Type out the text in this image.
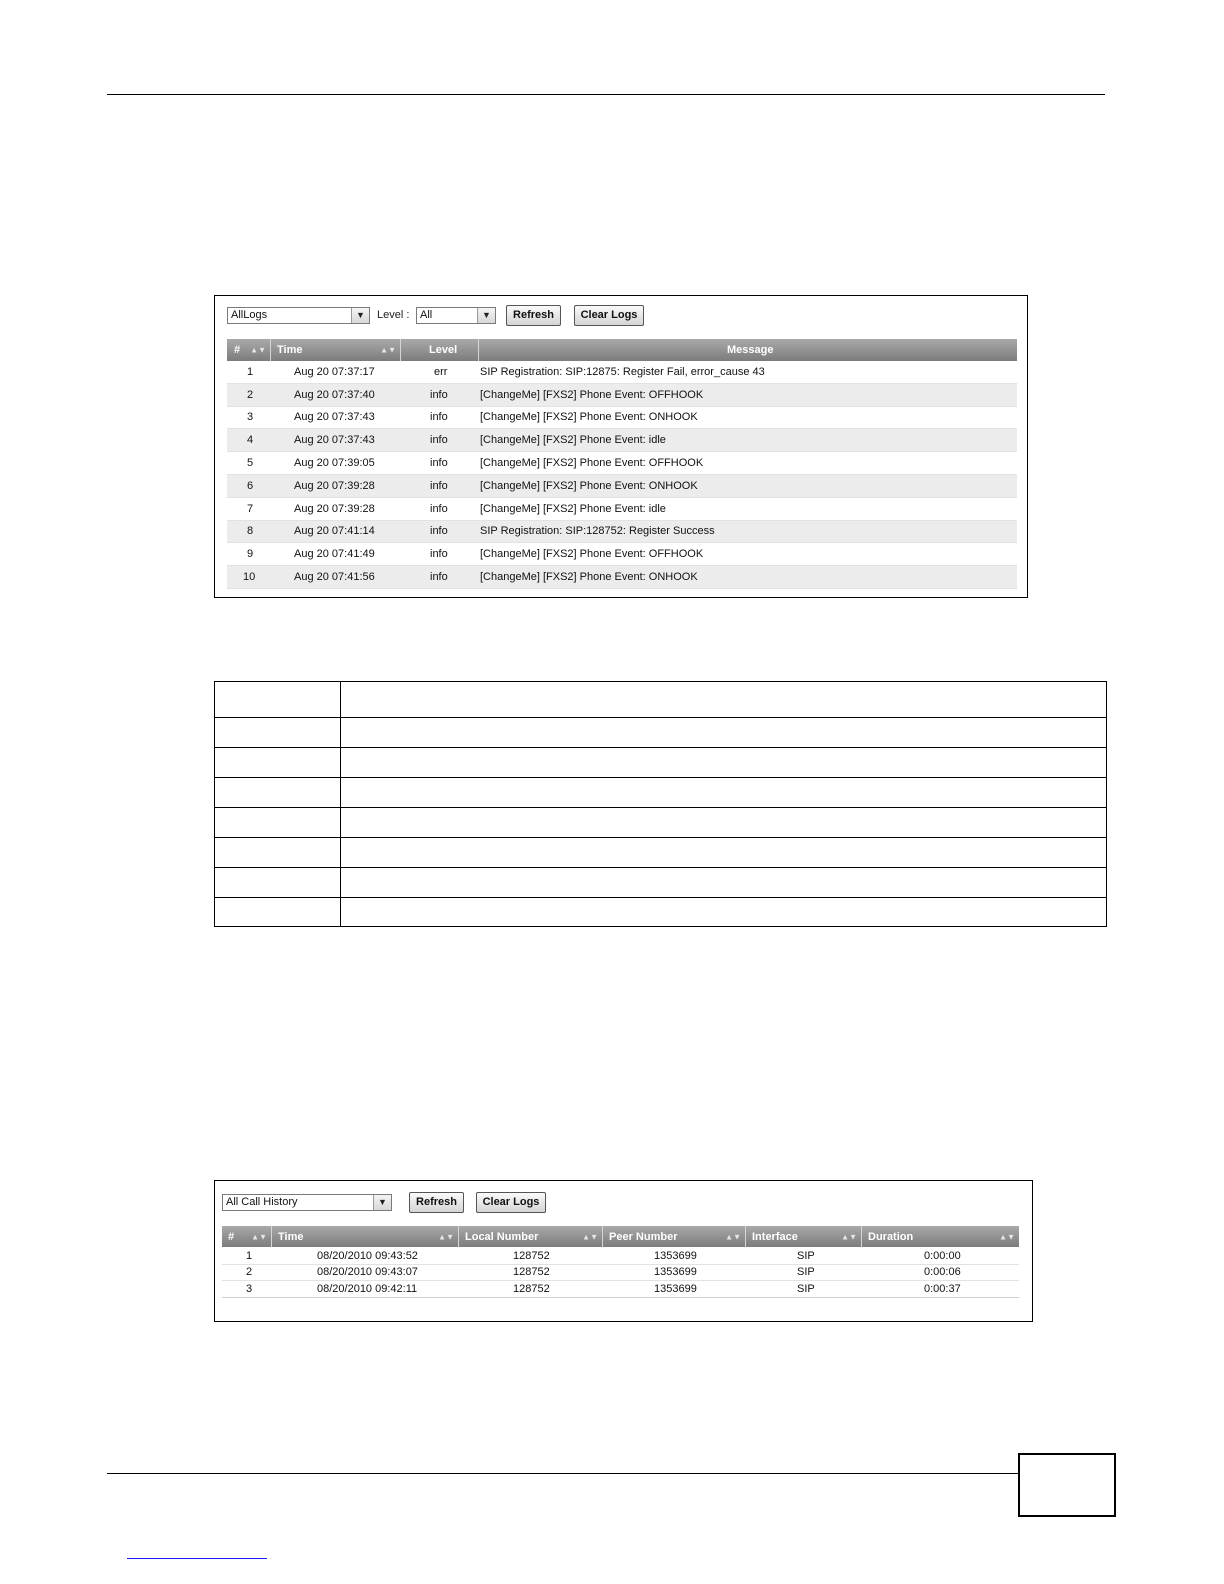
AllLogs	▼	Level : All	▼	Refresh	Clear Logs
# ▲▼ Time	▲▼	Level	Message
1	Aug 20 07:37:17	err	SIP Registration: SIP:12875: Register Fail, error_cause 43
2	Aug 20 07:37:40	info	[ChangeMe] [FXS2] Phone Event: OFFHOOK
3	Aug 20 07:37:43	info	[ChangeMe] [FXS2] Phone Event: ONHOOK
4	Aug 20 07:37:43	info	[ChangeMe] [FXS2] Phone Event: idle
5	Aug 20 07:39:05	info	[ChangeMe] [FXS2] Phone Event: OFFHOOK
6	Aug 20 07:39:28	info	[ChangeMe] [FXS2] Phone Event: ONHOOK
7	Aug 20 07:39:28	info	[ChangeMe] [FXS2] Phone Event: idle
8	Aug 20 07:41:14	info	SIP Registration: SIP:128752: Register Success
9	Aug 20 07:41:49	info	[ChangeMe] [FXS2] Phone Event: OFFHOOK
10	Aug 20 07:41:56	info	[ChangeMe] [FXS2] Phone Event: ONHOOK

All Call History	▼	Refresh	Clear Logs
# ▲▼ Time	▲▼ Local Number	▲▼ Peer Number	▲▼ Interface	▲▼ Duration	▲▼
1	08/20/2010 09:43:52	128752	1353699	SIP	0:00:00
2	08/20/2010 09:43:07	128752	1353699	SIP	0:00:06
3	08/20/2010 09:42:11	128752	1353699	SIP	0:00:37
